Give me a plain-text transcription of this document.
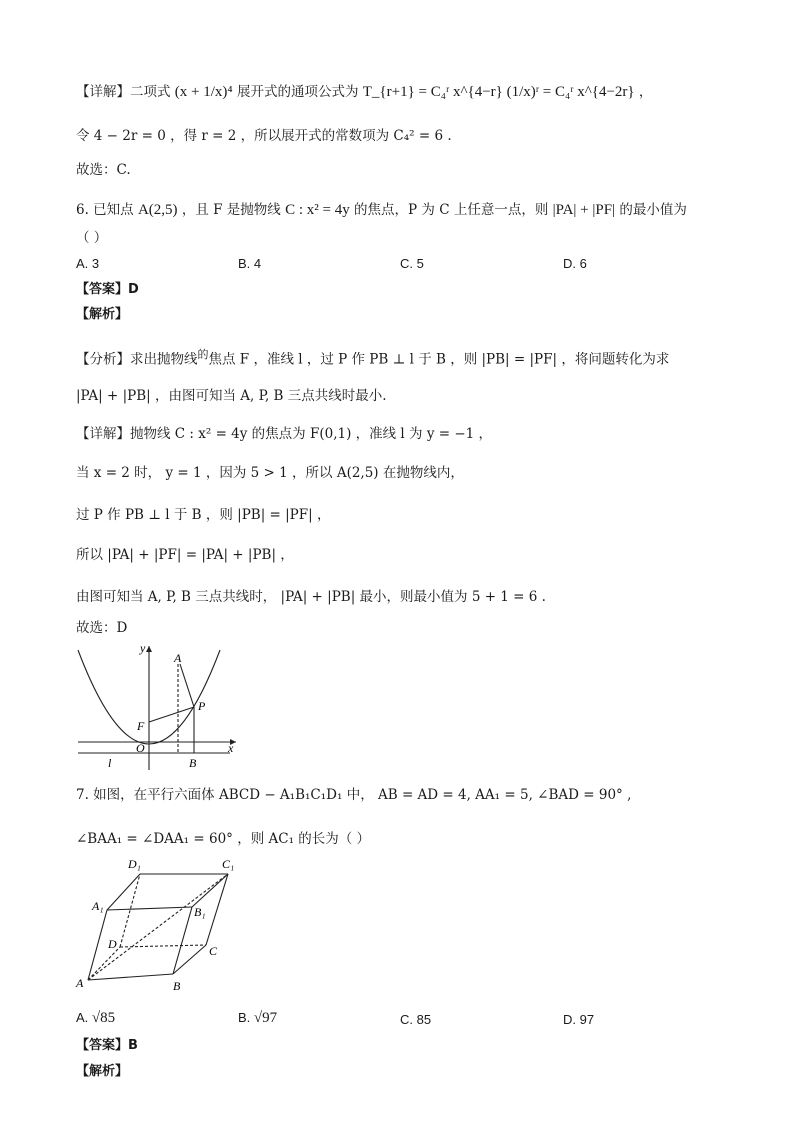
【详解】二项式 (x + 1/x)⁴ 展开式的通项公式为 T_{r+1} = C₄ʳ x^{4−r} (1/x)ʳ = C₄ʳ x^{4−2r} ，
令 4 − 2r = 0 ，得 r = 2 ，所以展开式的常数项为 C₄² = 6 .
故选：C.
6. 已知点 A(2,5) ，且 F 是抛物线 C : x² = 4y 的焦点，P 为 C 上任意一点，则 |PA| + |PF| 的最小值为
（ ）
A. 3	B. 4	C. 5	D. 6
【答案】D
【解析】
【分析】求出抛物线$^的$焦点 F ，准线 l ，过 P 作 PB ⊥ l 于 B ，则 |PB| = |PF| ，将问题转化为求
|PA| + |PB| ，由图可知当 A, P, B 三点共线时最小.
【详解】抛物线 C : x² = 4y 的焦点为 F(0,1) ，准线 l 为 y = −1 ，
当 x = 2 时， y = 1 ，因为 5 > 1 ，所以 A(2,5) 在抛物线内，
过 P 作 PB ⊥ l 于 B ，则 |PB| = |PF| ，
所以 |PA| + |PF| = |PA| + |PB| ，
由图可知当 A, P, B 三点共线时， |PA| + |PB| 最小，则最小值为 5 + 1 = 6 .
故选：D
y
x
A
P
F
O
l	B
7. 如图，在平行六面体 ABCD − A₁B₁C₁D₁ 中， AB = AD = 4, AA₁ = 5, ∠BAD = 90° ,
∠BAA₁ = ∠DAA₁ = 60° ，则 AC₁ 的长为（ ）
D₁	C₁
A₁	B₁
D	C
A	B
A. √85	B. √97	C. 85	D. 97
【答案】B
【解析】
